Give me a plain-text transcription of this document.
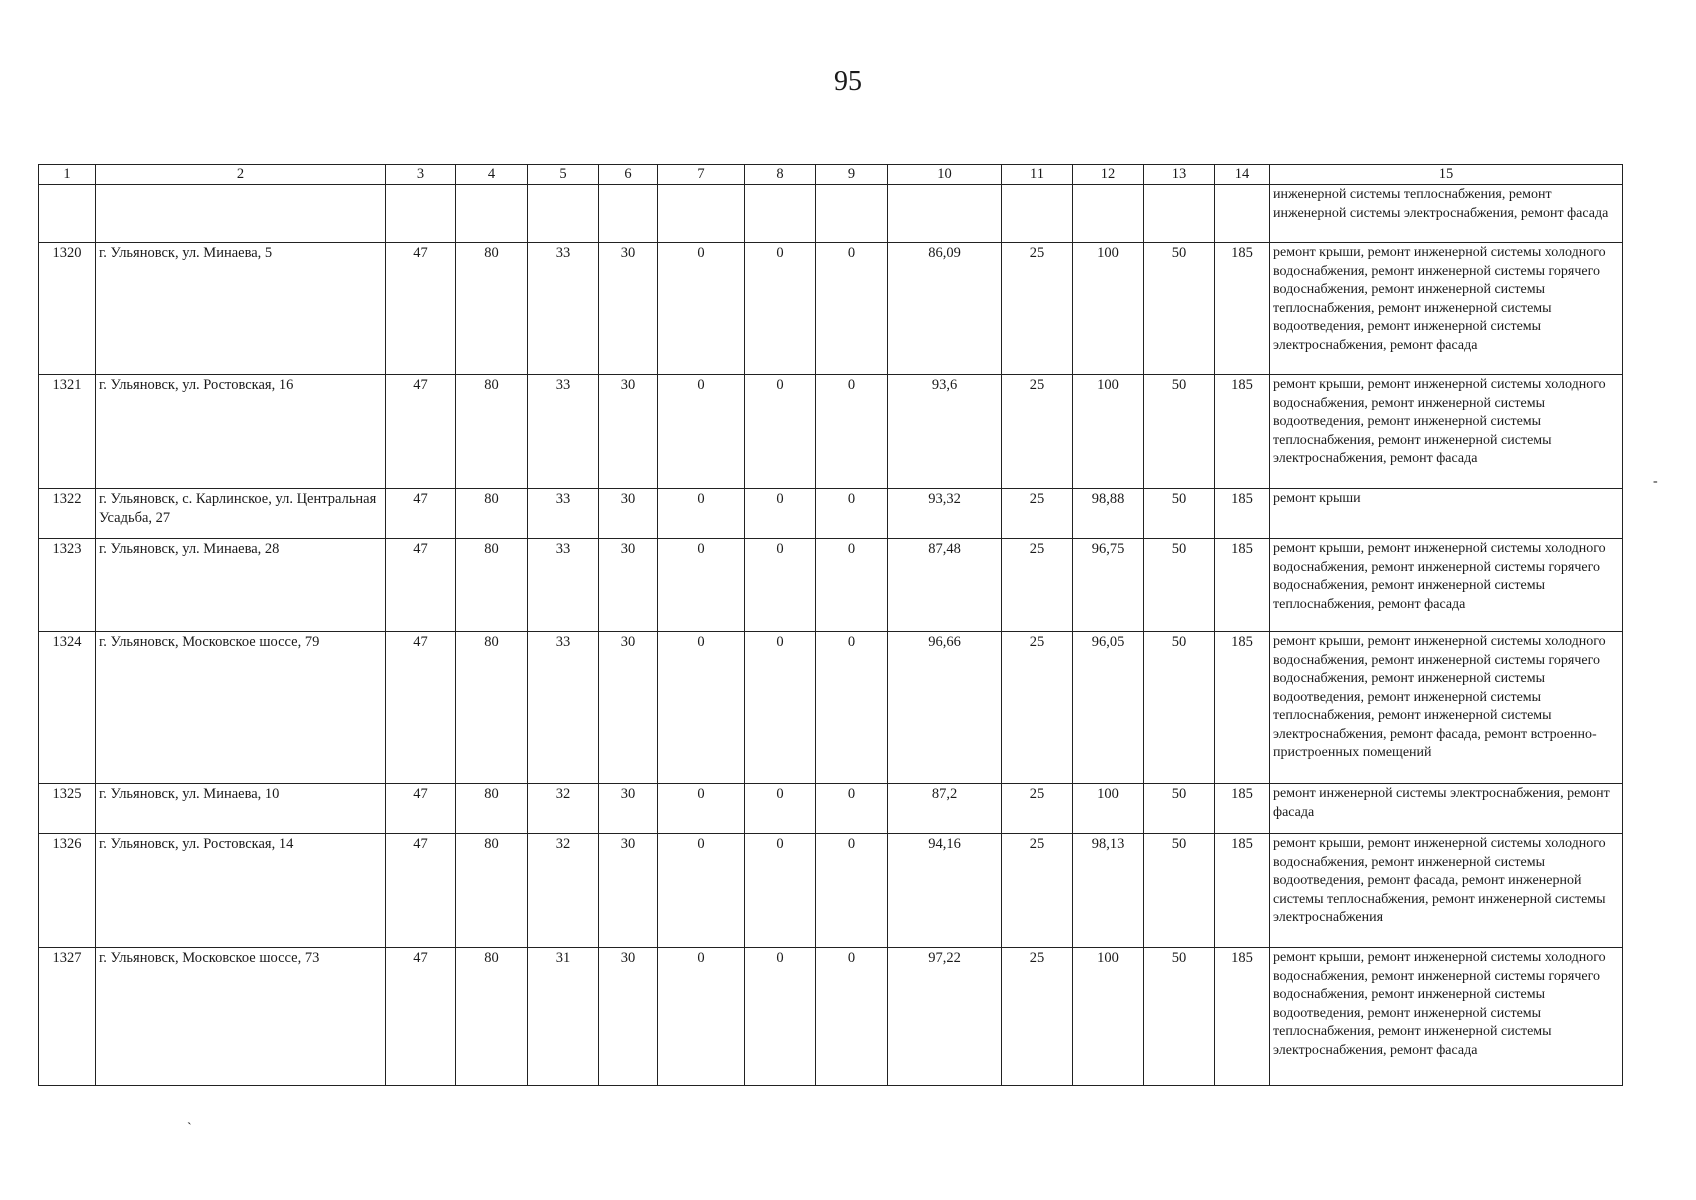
95
1	2	3	4	5	6	7	8	9	10	11	12	13	14	15
														инженерной системы теплоснабжения, ремонт инженерной системы электроснабжения, ремонт фасада
1320	г. Ульяновск, ул. Минаева, 5	47	80	33	30	0	0	0	86,09	25	100	50	185	ремонт крыши, ремонт инженерной системы холодного водоснабжения, ремонт инженерной системы горячего водоснабжения, ремонт инженерной системы теплоснабжения, ремонт инженерной системы водоотведения, ремонт инженерной системы электроснабжения, ремонт фасада
1321	г. Ульяновск, ул. Ростовская, 16	47	80	33	30	0	0	0	93,6	25	100	50	185	ремонт крыши, ремонт инженерной системы холодного водоснабжения, ремонт инженерной системы водоотведения, ремонт инженерной системы теплоснабжения, ремонт инженерной системы электроснабжения, ремонт фасада
1322	г. Ульяновск, с. Карлинское, ул. Центральная Усадьба, 27	47	80	33	30	0	0	0	93,32	25	98,88	50	185	ремонт крыши
1323	г. Ульяновск, ул. Минаева, 28	47	80	33	30	0	0	0	87,48	25	96,75	50	185	ремонт крыши, ремонт инженерной системы холодного водоснабжения, ремонт инженерной системы горячего водоснабжения, ремонт инженерной системы теплоснабжения, ремонт фасада
1324	г. Ульяновск, Московское шоссе, 79	47	80	33	30	0	0	0	96,66	25	96,05	50	185	ремонт крыши, ремонт инженерной системы холодного водоснабжения, ремонт инженерной системы горячего водоснабжения, ремонт инженерной системы водоотведения, ремонт инженерной системы теплоснабжения, ремонт инженерной системы электроснабжения, ремонт фасада, ремонт встроенно-пристроенных помещений
1325	г. Ульяновск, ул. Минаева, 10	47	80	32	30	0	0	0	87,2	25	100	50	185	ремонт инженерной системы электроснабжения, ремонт фасада
1326	г. Ульяновск, ул. Ростовская, 14	47	80	32	30	0	0	0	94,16	25	98,13	50	185	ремонт крыши, ремонт инженерной системы холодного водоснабжения, ремонт инженерной системы водоотведения, ремонт фасада, ремонт инженерной системы теплоснабжения, ремонт инженерной системы электроснабжения
1327	г. Ульяновск, Московское шоссе, 73	47	80	31	30	0	0	0	97,22	25	100	50	185	ремонт крыши, ремонт инженерной системы холодного водоснабжения, ремонт инженерной системы горячего водоснабжения, ремонт инженерной системы водоотведения, ремонт инженерной системы теплоснабжения, ремонт инженерной системы электроснабжения, ремонт фасада
-
`
